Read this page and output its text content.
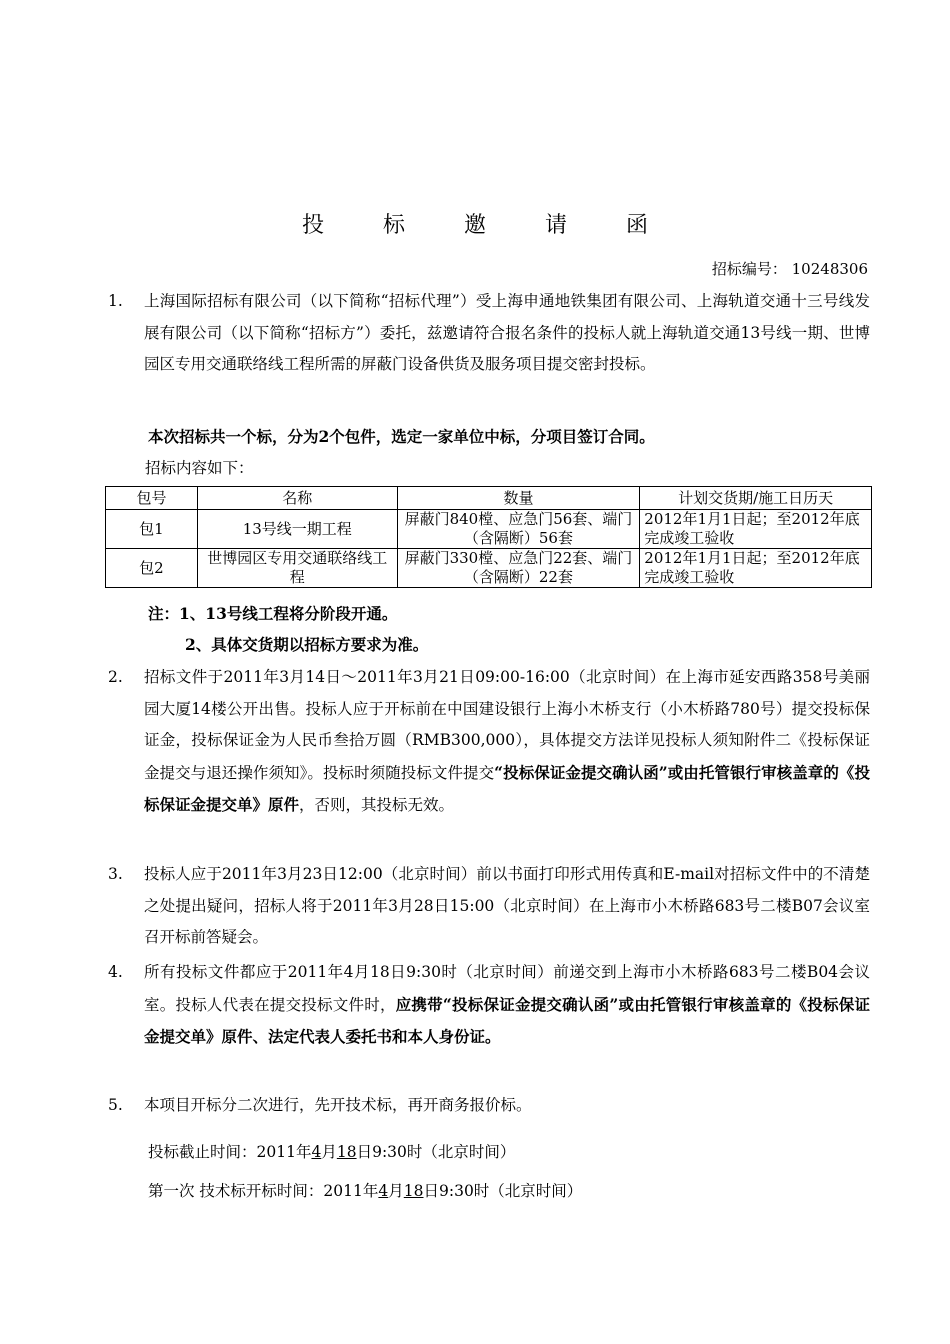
投 标 邀 请 函
招标编号： 10248306
1. 上海国际招标有限公司（以下简称“招标代理”）受上海申通地铁集团有限公司、上海轨道交通十三号线发展有限公司（以下简称“招标方”）委托，兹邀请符合报名条件的投标人就上海轨道交通13号线一期、世博园区专用交通联络线工程所需的屏蔽门设备供货及服务项目提交密封投标。
本次招标共一个标，分为2个包件，选定一家单位中标，分项目签订合同。
招标内容如下：
包号	名称	数量	计划交货期/施工日历天
包1	13号线一期工程	屏蔽门840樘、应急门56套、端门（含隔断）56套	2012年1月1日起；至2012年底完成竣工验收
包2	世博园区专用交通联络线工程	屏蔽门330樘、应急门22套、端门（含隔断）22套	2012年1月1日起；至2012年底完成竣工验收
注：1、13号线工程将分阶段开通。
2、具体交货期以招标方要求为准。
2. 招标文件于2011年3月14日～2011年3月21日09:00-16:00（北京时间）在上海市延安西路358号美丽园大厦14楼公开出售。投标人应于开标前在中国建设银行上海小木桥支行（小木桥路780号）提交投标保证金，投标保证金为人民币叁拾万圆（RMB300,000），具体提交方法详见投标人须知附件二《投标保证金提交与退还操作须知》。投标时须随投标文件提交“投标保证金提交确认函”或由托管银行审核盖章的《投标保证金提交单》原件，否则，其投标无效。
3. 投标人应于2011年3月23日12:00（北京时间）前以书面打印形式用传真和E-mail对招标文件中的不清楚之处提出疑问，招标人将于2011年3月28日15:00（北京时间）在上海市小木桥路683号二楼B07会议室召开标前答疑会。
4. 所有投标文件都应于2011年4月18日9:30时（北京时间）前递交到上海市小木桥路683号二楼B04会议室。投标人代表在提交投标文件时，应携带“投标保证金提交确认函”或由托管银行审核盖章的《投标保证金提交单》原件、法定代表人委托书和本人身份证。
5. 本项目开标分二次进行，先开技术标，再开商务报价标。
投标截止时间：2011年4月18日9:30时（北京时间）
第一次 技术标开标时间：2011年4月18日9:30时（北京时间）
